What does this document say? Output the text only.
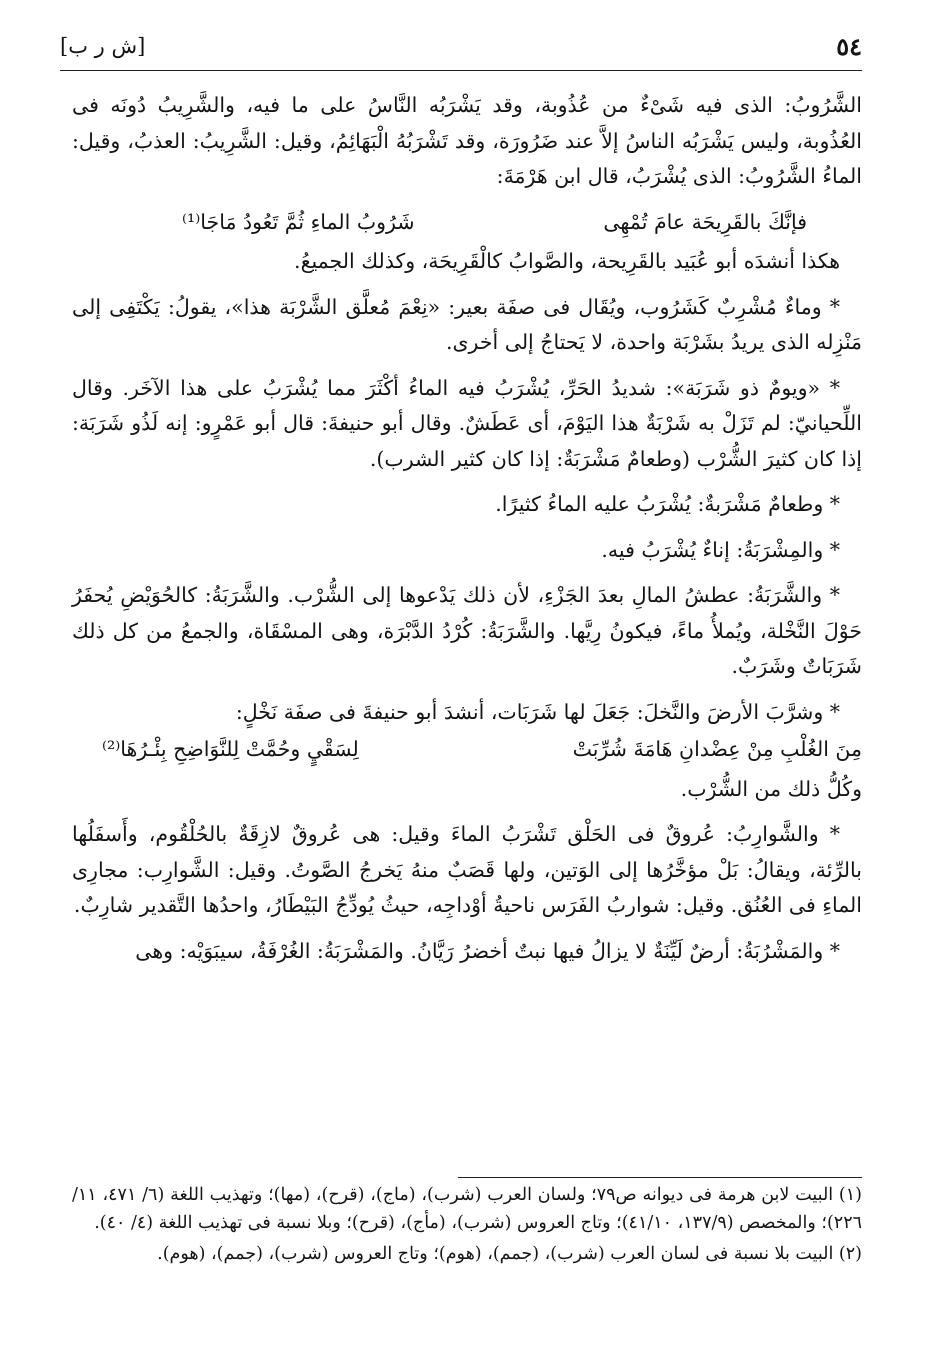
[ش ر ب]	٥٤

الشَّرُوبُ: الذى فيه شَىْءٌ من عُذُوبة، وقد يَشْرَبُه النَّاسُ على ما فيه، والشَّرِيبُ دُونَه فى العُذُوبة، وليس يَشْرَبُه الناسُ إلاَّ عند ضَرُورَة، وقد تَشْرَبُهُ الْبَهَائِمُ، وقيل: الشَّرِيبُ: العذبُ، وقيل: الماءُ الشَّرُوبُ: الذى يُشْرَبُ، قال ابن هَرْمَةَ:

فإنَّكَ بالقَرِيحَة عامَ تُمْهِى
شَرُوبُ الماءِ ثُمَّ تَعُودُ مَاجَا⁽¹⁾

هكذا أنشدَه أبو عُبَيد بالقَرِيحة، والصَّوابُ كالْقَرِيحَة، وكذلك الجميعُ.

* وماءٌ مُشْرِبٌ كَشَرُوب، ويُقَال فى صفَة بعير: «نِعْمَ مُعلَّق الشَّرْبَة هذا»، يقولُ: يَكْتَفِى إلى مَنْزِله الذى يريدُ بشَرْبَة واحدة، لا يَحتاجُ إلى أخرى.

* «ويومٌ ذو شَرَبَة»: شديدُ الحَرِّ، يُشْرَبُ فيه الماءُ أكْثَرَ مما يُشْرَبُ على هذا الآخَر. وقال اللِّحيانيّ: لم تَزَلْ به شَرْبَةٌ هذا اليَوْمَ، أى عَطَشٌ. وقال أبو حنيفةَ: قال أبو عَمْرٍو: إنه لَذُو شَرَبَة: إذا كان كثيرَ الشُّرْب (وطعامٌ مَشْرَبَةٌ: إذا كان كثير الشرب).

* وطعامٌ مَشْرَبةٌ: يُشْرَبُ عليه الماءُ كثيرًا.

* والمِشْرَبَةُ: إناءٌ يُشْرَبُ فيه.

* والشَّرَبَةُ: عطشُ المالِ بعدَ الجَزْءِ، لأن ذلك يَدْعوها إلى الشُّرْب. والشَّرَبَةُ: كالحُوَيْضِ يُحفَرُ حَوْلَ النَّخْلة، ويُملأُ ماءً، فيكونُ رِيَّها. والشَّرَبَةُ: كُرْدُ الدَّبْرَة، وهى المسْقَاة، والجمعُ من كل ذلك شَرَبَاتٌ وشَرَبٌ.

* وشرَّبَ الأرضَ والنَّخلَ: جَعَلَ لها شَرَبَات، أنشدَ أبو حنيفةَ فى صفَة نَخْلٍ:

مِنَ الغُلْبِ مِنْ عِضْدانِ هَامَةَ شُرِّبَتْ
لِسَقْيٍ وحُمَّتْ لِلنَّوَاضِحِ بِئْـرُهَا⁽²⁾

وكُلُّ ذلك من الشُّرْب.

* والشَّوارِبُ: عُروقٌ فى الحَلْق تَشْرَبُ الماءَ وقيل: هى عُروقٌ لازِقَةٌ بالحُلْقُوم، وأَسفَلُها بالرِّئة، ويقالُ: بَلْ مؤخَّرُها إلى الوَتين، ولها قَصَبٌ منهُ يَخرجُ الصَّوتُ. وقيل: الشَّوارِب: مجارِى الماءِ فى العُنُق. وقيل: شواربُ الفَرَس ناحيةُ أوْداجِه، حيثُ يُودِّجُ البَيْطَارُ، واحدُها التَّقدير شارِبٌ.

* والمَشْرُبَةُ: أرضٌ لَيِّنَةٌ لا يزالُ فيها نبتٌ أخضرُ رَيَّانُ. والمَشْرَبَةُ: الغُرْفَةُ، سيبَوَيْه: وهى

(١) البيت لابن هرمة فى ديوانه ص٧٩؛ ولسان العرب (شرب)، (ماج)، (قرح)، (مها)؛ وتهذيب اللغة (٦/ ٤٧١، ١١/ ٢٢٦)؛ والمخصص (١٣٧/٩، ٤١/١٠)؛ وتاج العروس (شرب)، (مأج)، (قرح)؛ وبلا نسبة فى تهذيب اللغة (٤/ ٤٠).

(٢) البيت بلا نسبة فى لسان العرب (شرب)، (جمم)، (هوم)؛ وتاج العروس (شرب)، (جمم)، (هوم).
